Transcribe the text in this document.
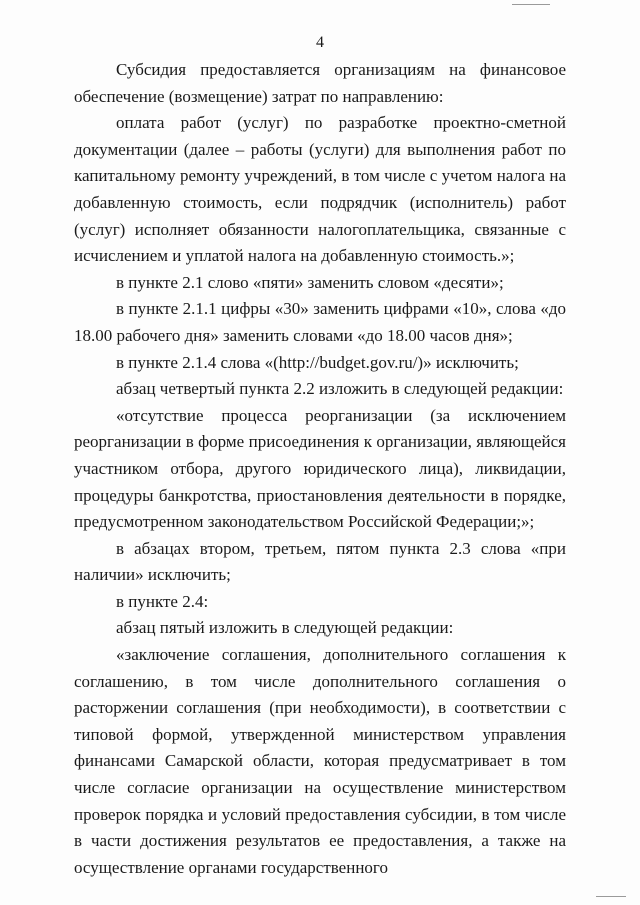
4

Субсидия предоставляется организациям на финансовое обеспечение (возмещение) затрат по направлению:

оплата работ (услуг) по разработке проектно-сметной документации (далее – работы (услуги) для выполнения работ по капитальному ремонту учреждений, в том числе с учетом налога на добавленную стоимость, если подрядчик (исполнитель) работ (услуг) исполняет обязанности налогоплательщика, связанные с исчислением и уплатой налога на добавленную стоимость.»;

в пункте 2.1 слово «пяти» заменить словом «десяти»;

в пункте 2.1.1 цифры «30» заменить цифрами «10», слова «до 18.00 рабочего дня» заменить словами «до 18.00 часов дня»;

в пункте 2.1.4 слова «(http://budget.gov.ru/)» исключить;

абзац четвертый пункта 2.2 изложить в следующей редакции:

«отсутствие процесса реорганизации (за исключением реорганизации в форме присоединения к организации, являющейся участником отбора, другого юридического лица), ликвидации, процедуры банкротства, приостановления деятельности в порядке, предусмотренном законодательством Российской Федерации;»;

в абзацах втором, третьем, пятом пункта 2.3 слова «при наличии» исключить;

в пункте 2.4:

абзац пятый изложить в следующей редакции:

«заключение соглашения, дополнительного соглашения к соглашению, в том числе дополнительного соглашения о расторжении соглашения (при необходимости), в соответствии с типовой формой, утвержденной министерством управления финансами Самарской области, которая предусматривает в том числе согласие организации на осуществление министерством проверок порядка и условий предоставления субсидии, в том числе в части достижения результатов ее предоставления, а также на осуществление органами государственного
